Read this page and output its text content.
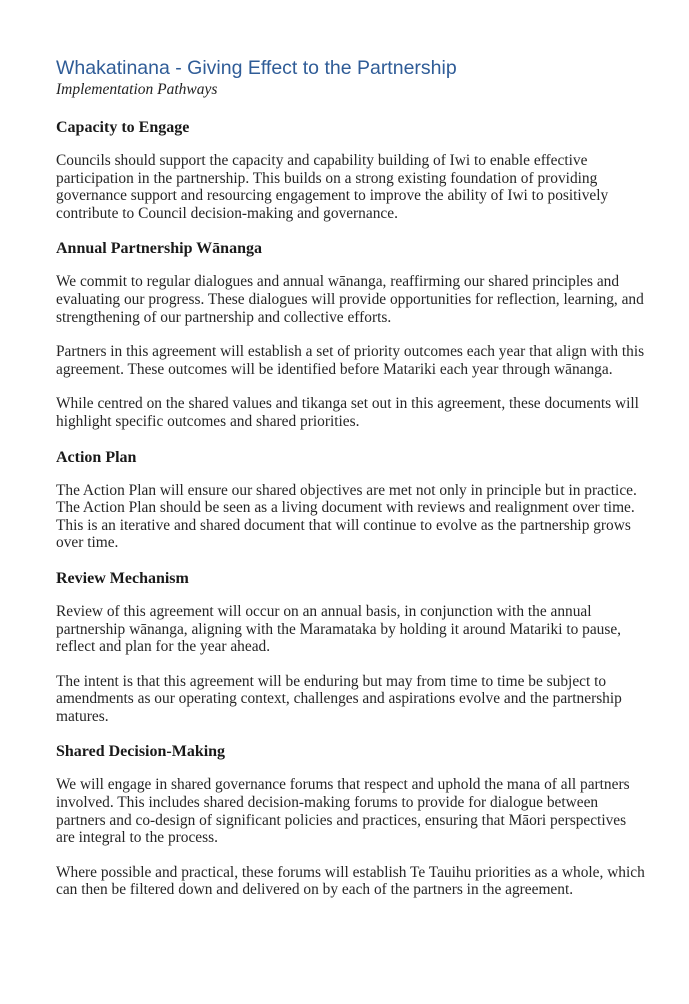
Whakatinana - Giving Effect to the Partnership
Implementation Pathways
Capacity to Engage

Councils should support the capacity and capability building of Iwi to enable effective participation in the partnership. This builds on a strong existing foundation of providing governance support and resourcing engagement to improve the ability of Iwi to positively contribute to Council decision-making and governance.

Annual Partnership Wānanga

We commit to regular dialogues and annual wānanga, reaffirming our shared principles and evaluating our progress. These dialogues will provide opportunities for reflection, learning, and strengthening of our partnership and collective efforts.

Partners in this agreement will establish a set of priority outcomes each year that align with this agreement. These outcomes will be identified before Matariki each year through wānanga.

While centred on the shared values and tikanga set out in this agreement, these documents will highlight specific outcomes and shared priorities.

Action Plan

The Action Plan will ensure our shared objectives are met not only in principle but in practice. The Action Plan should be seen as a living document with reviews and realignment over time. This is an iterative and shared document that will continue to evolve as the partnership grows over time.

Review Mechanism

Review of this agreement will occur on an annual basis, in conjunction with the annual partnership wānanga, aligning with the Maramataka by holding it around Matariki to pause, reflect and plan for the year ahead.

The intent is that this agreement will be enduring but may from time to time be subject to amendments as our operating context, challenges and aspirations evolve and the partnership matures.

Shared Decision-Making

We will engage in shared governance forums that respect and uphold the mana of all partners involved. This includes shared decision-making forums to provide for dialogue between partners and co-design of significant policies and practices, ensuring that Māori perspectives are integral to the process.

Where possible and practical, these forums will establish Te Tauihu priorities as a whole, which can then be filtered down and delivered on by each of the partners in the agreement.
